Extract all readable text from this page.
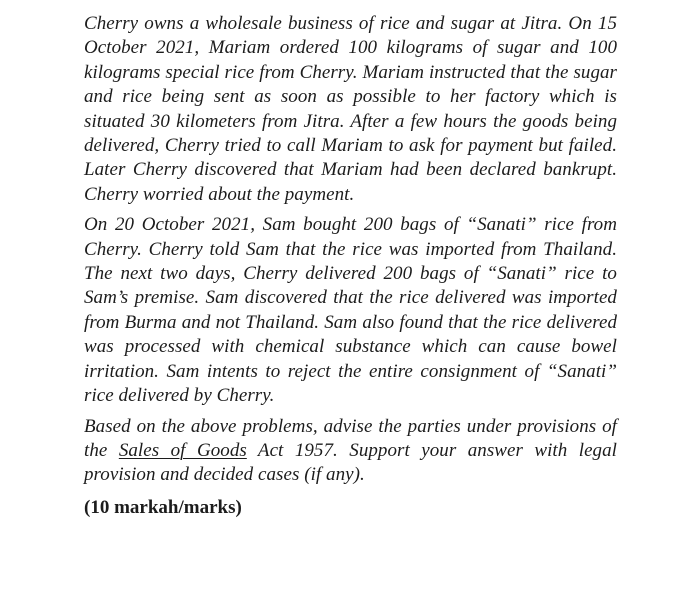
Cherry owns a wholesale business of rice and sugar at Jitra. On 15 October 2021, Mariam ordered 100 kilograms of sugar and 100 kilograms special rice from Cherry. Mariam instructed that the sugar and rice being sent as soon as possible to her factory which is situated 30 kilometers from Jitra. After a few hours the goods being delivered, Cherry tried to call Mariam to ask for payment but failed. Later Cherry discovered that Mariam had been declared bankrupt. Cherry worried about the payment.

On 20 October 2021, Sam bought 200 bags of “Sanati” rice from Cherry. Cherry told Sam that the rice was imported from Thailand. The next two days, Cherry delivered 200 bags of “Sanati” rice to Sam’s premise. Sam discovered that the rice delivered was imported from Burma and not Thailand. Sam also found that the rice delivered was processed with chemical substance which can cause bowel irritation. Sam intents to reject the entire consignment of “Sanati” rice delivered by Cherry.

Based on the above problems, advise the parties under provisions of the Sales of Goods Act 1957. Support your answer with legal provision and decided cases (if any).

(10 markah/marks)
